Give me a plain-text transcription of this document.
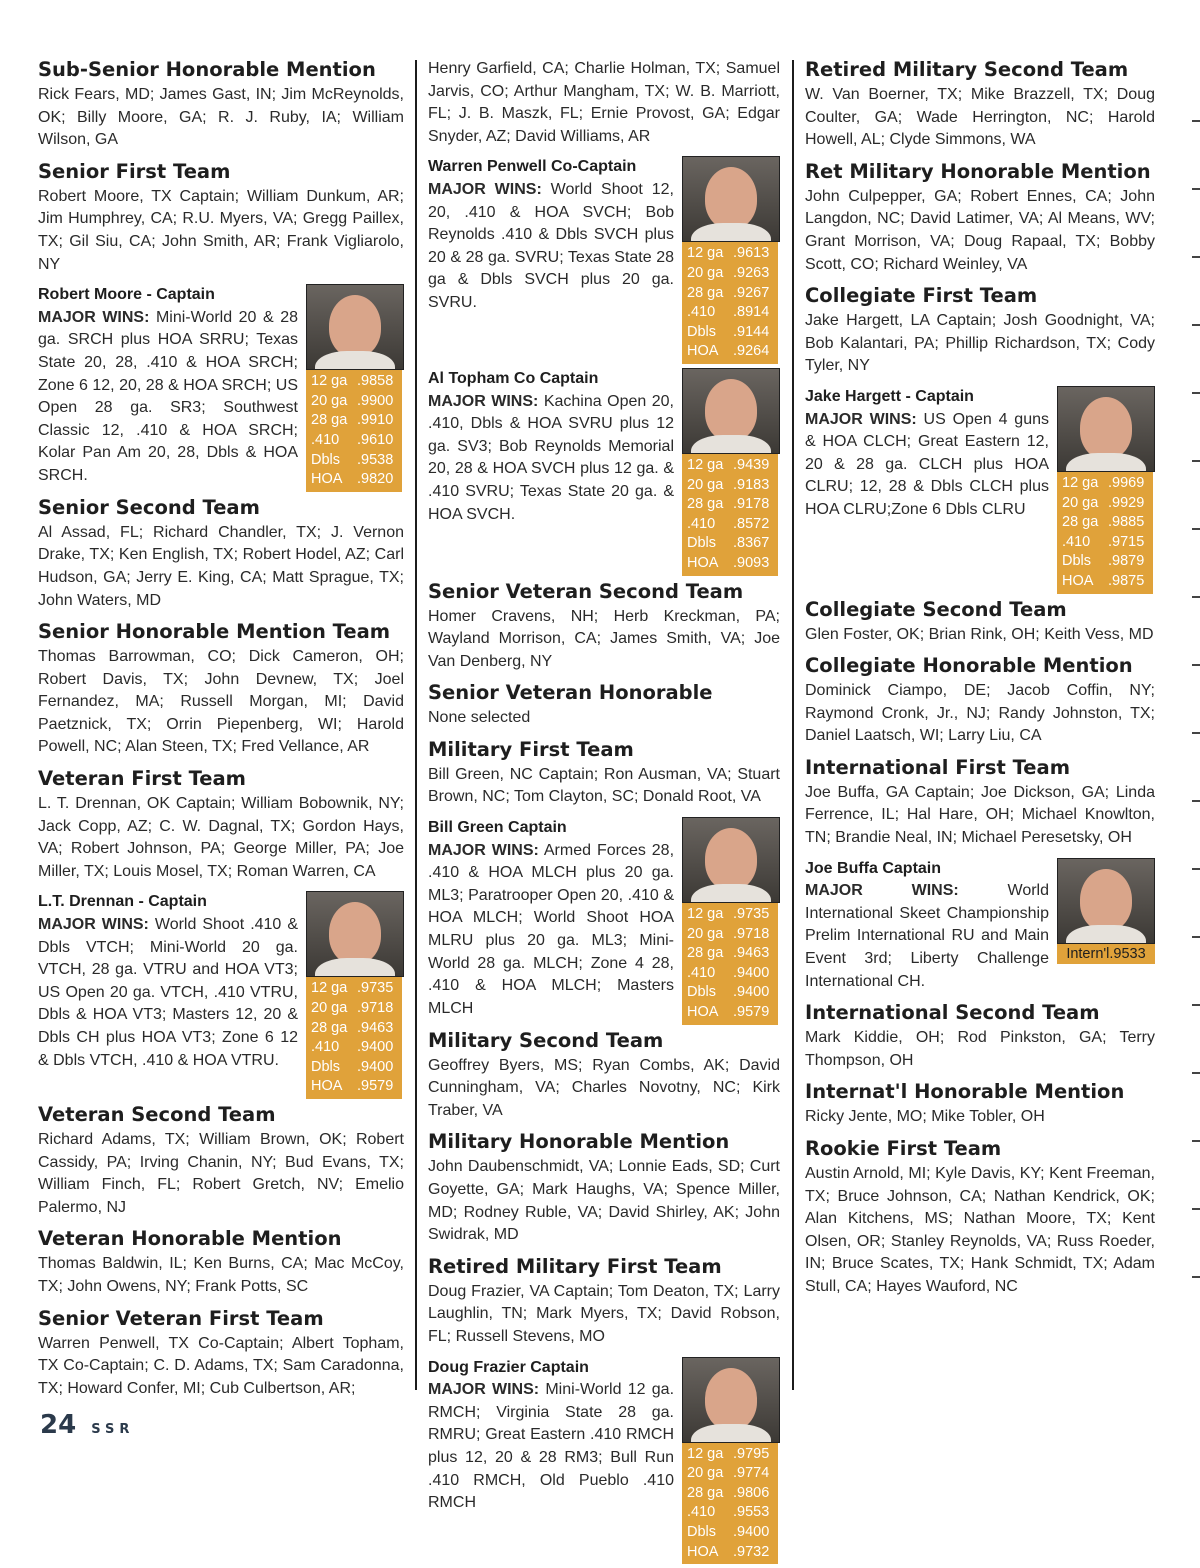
Sub-Senior Honorable Mention

Rick Fears, MD; James Gast, IN; Jim McReynolds, OK; Billy Moore, GA; R. J. Ruby, IA; William Wilson, GA

Senior First Team

Robert Moore, TX Captain; William Dunkum, AR; Jim Humphrey, CA; R.U. Myers, VA; Gregg Paillex, TX; Gil Siu, CA; John Smith, AR; Frank Vigliarolo, NY

12 ga .9858
20 ga .9900
28 ga .9910
.410	.9610
Dbls	.9538
HOA	.9820
Robert Moore - Captain

MAJOR WINS: Mini-World 20 & 28 ga. SRCH plus HOA SRRU; Texas State 20, 28, .410 & HOA SRCH; Zone 6 12, 20, 28 & HOA SRCH; US Open 28 ga. SR3; Southwest Classic 12, .410 & HOA SRCH; Kolar Pan Am 20, 28, Dbls & HOA SRCH.

Senior Second Team

Al Assad, FL; Richard Chandler, TX; J. Vernon Drake, TX; Ken English, TX; Robert Hodel, AZ; Carl Hudson, GA; Jerry E. King, CA; Matt Sprague, TX; John Waters, MD

Senior Honorable Mention Team

Thomas Barrowman, CO; Dick Cameron, OH; Robert Davis, TX; John Devnew, TX; Joel Fernandez, MA; Russell Morgan, MI; David Paetznick, TX; Orrin Piepenberg, WI; Harold Powell, NC; Alan Steen, TX; Fred Vellance, AR

Veteran First Team

L. T. Drennan, OK Captain; William Bobownik, NY; Jack Copp, AZ; C. W. Dagnal, TX; Gordon Hays, VA; Robert Johnson, PA; George Miller, PA; Joe Miller, TX; Louis Mosel, TX; Roman Warren, CA

12 ga .9735
20 ga .9718
28 ga .9463
.410	.9400
Dbls	.9400
HOA	.9579
L.T. Drennan - Captain

MAJOR WINS: World Shoot .410 & Dbls VTCH; Mini-World 20 ga. VTCH, 28 ga. VTRU and HOA VT3; US Open 20 ga. VTCH, .410 VTRU, Dbls & HOA VT3; Masters 12, 20 & Dbls CH plus HOA VT3; Zone 6 12 & Dbls VTCH, .410 & HOA VTRU.

Veteran Second Team

Richard Adams, TX; William Brown, OK; Robert Cassidy, PA; Irving Chanin, NY; Bud Evans, TX; William Finch, FL; Robert Gretch, NV; Emelio Palermo, NJ

Veteran Honorable Mention

Thomas Baldwin, IL; Ken Burns, CA; Mac McCoy, TX; John Owens, NY; Frank Potts, SC

Senior Veteran First Team

Warren Penwell, TX Co-Captain; Albert Topham, TX Co-Captain; C. D. Adams, TX; Sam Caradonna, TX; Howard Confer, MI; Cub Culbertson, AR;

Henry Garfield, CA; Charlie Holman, TX; Samuel Jarvis, CO; Arthur Mangham, TX; W. B. Marriott, FL; J. B. Maszk, FL; Ernie Provost, GA; Edgar Snyder, AZ; David Williams, AR

12 ga .9613
20 ga .9263
28 ga .9267
.410	.8914
Dbls	.9144
HOA	.9264
Warren Penwell Co-Captain

MAJOR WINS: World Shoot 12, 20, .410 & HOA SVCH; Bob Reynolds .410 & Dbls SVCH plus 20 & 28 ga. SVRU; Texas State 28 ga & Dbls SVCH plus 20 ga. SVRU.

12 ga .9439
20 ga .9183
28 ga .9178
.410	.8572
Dbls	.8367
HOA	.9093
Al Topham Co Captain

MAJOR WINS: Kachina Open 20, .410, Dbls & HOA SVRU plus 12 ga. SV3; Bob Reynolds Memorial 20, 28 & HOA SVCH plus 12 ga. & .410 SVRU; Texas State 20 ga. & HOA SVCH.

Senior Veteran Second Team

Homer Cravens, NH; Herb Kreckman, PA; Wayland Morrison, CA; James Smith, VA; Joe Van Denberg, NY

Senior Veteran Honorable

None selected

Military First Team

Bill Green, NC Captain; Ron Ausman, VA; Stuart Brown, NC; Tom Clayton, SC; Donald Root, VA

12 ga .9735
20 ga .9718
28 ga .9463
.410	.9400
Dbls	.9400
HOA	.9579
Bill Green Captain

MAJOR WINS: Armed Forces 28, .410 & HOA MLCH plus 20 ga. ML3; Paratrooper Open 20, .410 & HOA MLCH; World Shoot HOA MLRU plus 20 ga. ML3; Mini-World 28 ga. MLCH; Zone 4 28, .410 & HOA MLCH; Masters MLCH

Military Second Team

Geoffrey Byers, MS; Ryan Combs, AK; David Cunningham, VA; Charles Novotny, NC; Kirk Traber, VA

Military Honorable Mention

John Daubenschmidt, VA; Lonnie Eads, SD; Curt Goyette, GA; Mark Haughs, VA; Spence Miller, MD; Rodney Ruble, VA; David Shirley, AK; John Swidrak, MD

Retired Military First Team

Doug Frazier, VA Captain; Tom Deaton, TX; Larry Laughlin, TN; Mark Myers, TX; David Robson, FL; Russell Stevens, MO

12 ga .9795
20 ga .9774
28 ga .9806
.410	.9553
Dbls	.9400
HOA	.9732
Doug Frazier Captain

MAJOR WINS: Mini-World 12 ga. RMCH; Virginia State 28 ga. RMRU; Great Eastern .410 RMCH plus 12, 20 & 28 RM3; Bull Run .410 RMCH, Old Pueblo .410 RMCH

Retired Military Second Team

W. Van Boerner, TX; Mike Brazzell, TX; Doug Coulter, GA; Wade Herrington, NC; Harold Howell, AL; Clyde Simmons, WA

Ret Military Honorable Mention

John Culpepper, GA; Robert Ennes, CA; John Langdon, NC; David Latimer, VA; Al Means, WV; Grant Morrison, VA; Doug Rapaal, TX; Bobby Scott, CO; Richard Weinley, VA

Collegiate First Team

Jake Hargett, LA Captain; Josh Goodnight, VA; Bob Kalantari, PA; Phillip Richardson, TX; Cody Tyler, NY

12 ga .9969
20 ga .9929
28 ga .9885
.410	.9715
Dbls	.9879
HOA	.9875
Jake Hargett - Captain

MAJOR WINS: US Open 4 guns & HOA CLCH; Great Eastern 12, 20 & 28 ga. CLCH plus HOA CLRU; 12, 28 & Dbls CLCH plus HOA CLRU;Zone 6 Dbls CLRU

Collegiate Second Team

Glen Foster, OK; Brian Rink, OH; Keith Vess, MD

Collegiate Honorable Mention

Dominick Ciampo, DE; Jacob Coffin, NY; Raymond Cronk, Jr., NJ; Randy Johnston, TX; Daniel Laatsch, WI; Larry Liu, CA

International First Team

Joe Buffa, GA Captain; Joe Dickson, GA; Linda Ferrence, IL; Hal Hare, OH; Michael Knowlton, TN; Brandie Neal, IN; Michael Peresetsky, OH

Intern'l.9533
Joe Buffa Captain

MAJOR WINS: World International Skeet Championship Prelim International RU and Main Event 3rd; Liberty Challenge International CH.

International Second Team

Mark Kiddie, OH; Rod Pinkston, GA; Terry Thompson, OH

Internat'l Honorable Mention

Ricky Jente, MO; Mike Tobler, OH

Rookie First Team

Austin Arnold, MI; Kyle Davis, KY; Kent Freeman, TX; Bruce Johnson, CA; Nathan Kendrick, OK; Alan Kitchens, MS; Nathan Moore, TX; Kent Olsen, OR; Stanley Reynolds, VA; Russ Roeder, IN; Bruce Scates, TX; Hank Schmidt, TX; Adam Stull, CA; Hayes Wauford, NC

24 SSR
